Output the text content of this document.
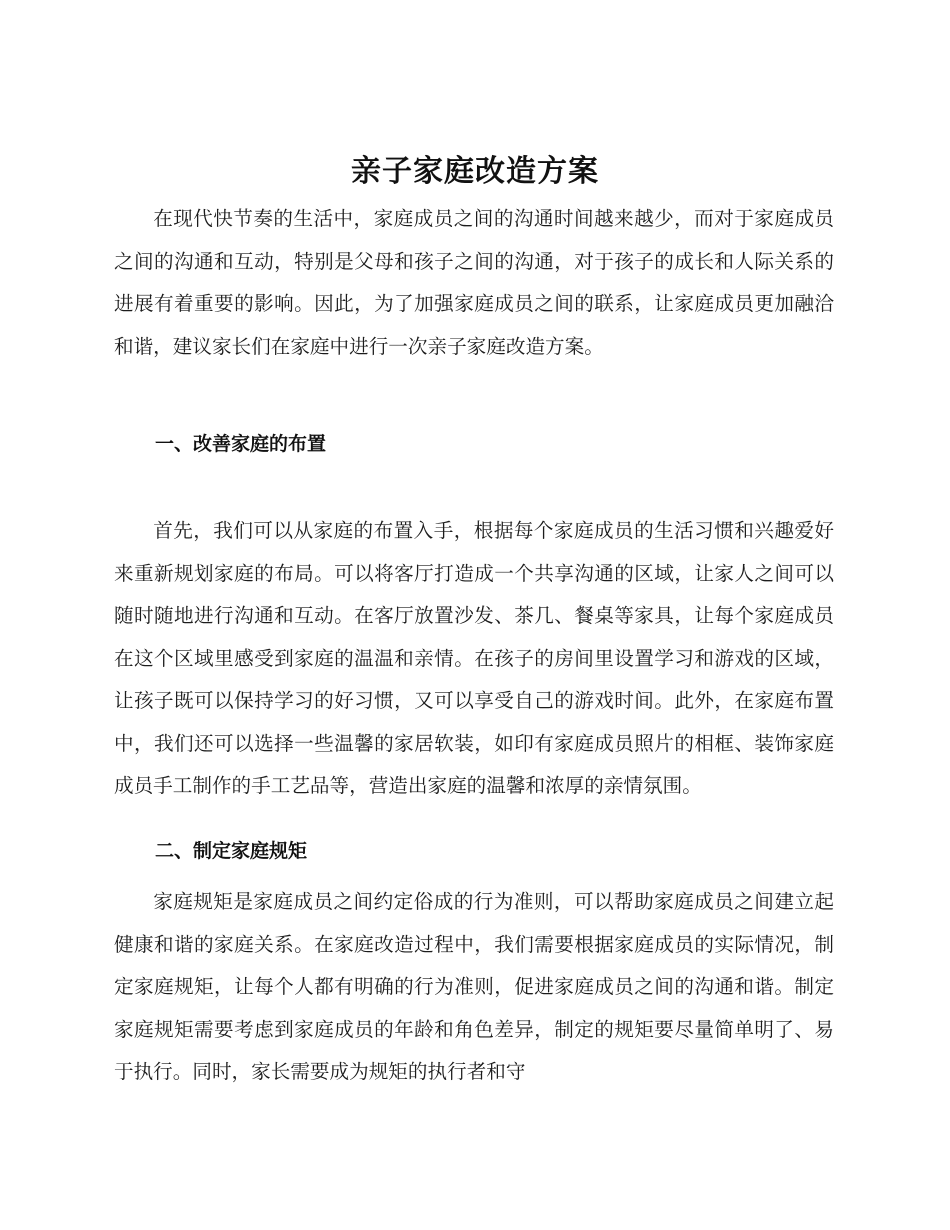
亲子家庭改造方案
在现代快节奏的生活中，家庭成员之间的沟通时间越来越少，而对于家庭成员之间的沟通和互动，特别是父母和孩子之间的沟通，对于孩子的成长和人际关系的进展有着重要的影响。因此，为了加强家庭成员之间的联系，让家庭成员更加融洽和谐，建议家长们在家庭中进行一次亲子家庭改造方案。
一、改善家庭的布置
首先，我们可以从家庭的布置入手，根据每个家庭成员的生活习惯和兴趣爱好来重新规划家庭的布局。可以将客厅打造成一个共享沟通的区域，让家人之间可以随时随地进行沟通和互动。在客厅放置沙发、茶几、餐桌等家具，让每个家庭成员在这个区域里感受到家庭的温温和亲情。在孩子的房间里设置学习和游戏的区域，让孩子既可以保持学习的好习惯，又可以享受自己的游戏时间。此外，在家庭布置中，我们还可以选择一些温馨的家居软装，如印有家庭成员照片的相框、装饰家庭成员手工制作的手工艺品等，营造出家庭的温馨和浓厚的亲情氛围。
二、制定家庭规矩
家庭规矩是家庭成员之间约定俗成的行为准则，可以帮助家庭成员之间建立起健康和谐的家庭关系。在家庭改造过程中，我们需要根据家庭成员的实际情况，制定家庭规矩，让每个人都有明确的行为准则，促进家庭成员之间的沟通和谐。制定家庭规矩需要考虑到家庭成员的年龄和角色差异，制定的规矩要尽量简单明了、易于执行。同时，家长需要成为规矩的执行者和守
